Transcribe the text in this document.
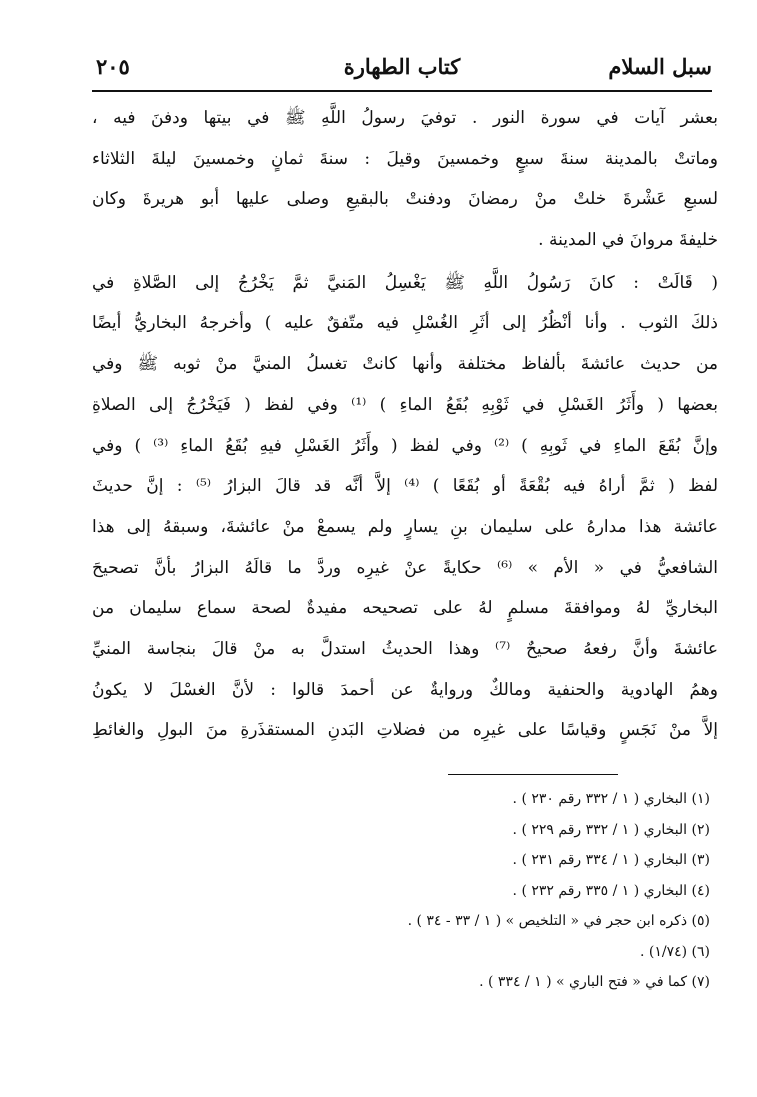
سبل السلام
كتاب الطهارة
٢٠٥
بعشر آيات في سورة النور . توفيَ رسولُ اللَّهِ ﷺ في بيتها ودفنَ فيه ،
وماتتْ بالمدينة سنةَ سبعٍ وخمسينَ وقيلَ : سنةَ ثمانٍ وخمسينَ ليلةَ الثلاثاء
لسبعِ عَشْرةَ خلتْ منْ رمضانَ ودفنتْ بالبقيعِ وصلى عليها أبو هريرةَ وكان
خليفةَ مروانَ في المدينة .
( قَالَتْ : كانَ رَسُولُ اللَّهِ ﷺ يَغْسِلُ المَنيَّ ثمَّ يَخْرُجُ إلى الصَّلاةِ في
ذلكَ الثوب . وأنا أنْظُرُ إلى أثَرِ الغُسْلِ فيه متّفقٌ عليه ) وأخرجهُ البخاريُّ أيضًا
من حديث عائشةَ بألفاظ مختلفة وأنها كانتْ تغسلُ المنيَّ منْ ثوبه ﷺ وفي
بعضها ( وأَثَرُ الغَسْلِ في ثَوْبِهِ بُقَعُ الماءِ ) ⁽¹⁾ وفي لفظ ( فَيَخْرُجُ إلى الصلاةِ
وإنَّ بُقَعَ الماءِ في ثَوبِهِ ) ⁽²⁾ وفي لفظ ( وأَثَرُ الغَسْلِ فيهِ بُقَعُ الماءِ ⁽³⁾ ) وفي
لفظ ( ثمَّ أراهُ فيه بُقْعَةً أو بُقَعًا ) ⁽⁴⁾ إلاَّ أنَّه قد قالَ البزارُ ⁽⁵⁾ : إنَّ حديثَ
عائشة هذا مدارهُ على سليمان بنِ يسارٍ ولم يسمعْ منْ عائشةَ، وسبقهُ إلى هذا
الشافعيُّ في « الأم » ⁽⁶⁾ حكايةً عنْ غيرِه وردَّ ما قالَهُ البزارُ بأنَّ تصحيحَ
البخاريِّ لهُ وموافقةَ مسلمٍ لهُ على تصحيحه مفيدةٌ لصحة سماع سليمان من
عائشةَ وأنَّ رفعهُ صحيحٌ ⁽⁷⁾ وهذا الحديثُ استدلَّ به منْ قالَ بنجاسة المنيِّ
وهمُ الهادوية والحنفية ومالكٌ وروايةٌ عن أحمدَ قالوا : لأنَّ الغسْلَ لا يكونُ
إلاَّ منْ نَجَسٍ وقياسًا على غيرِه من فضلاتِ البَدنِ المستقذَرةِ منَ البولِ والغائطِ
(١) البخاري ( ١ / ٣٣٢ رقم ٢٣٠ ) .
(٢) البخاري ( ١ / ٣٣٢ رقم ٢٢٩ ) .
(٣) البخاري ( ١ / ٣٣٤ رقم ٢٣١ ) .
(٤) البخاري ( ١ / ٣٣٥ رقم ٢٣٢ ) .
(٥) ذكره ابن حجر في « التلخيص » ( ١ / ٣٣ - ٣٤ ) .
(٦) (١/٧٤) .
(٧) كما في « فتح الباري » ( ١ / ٣٣٤ ) .
